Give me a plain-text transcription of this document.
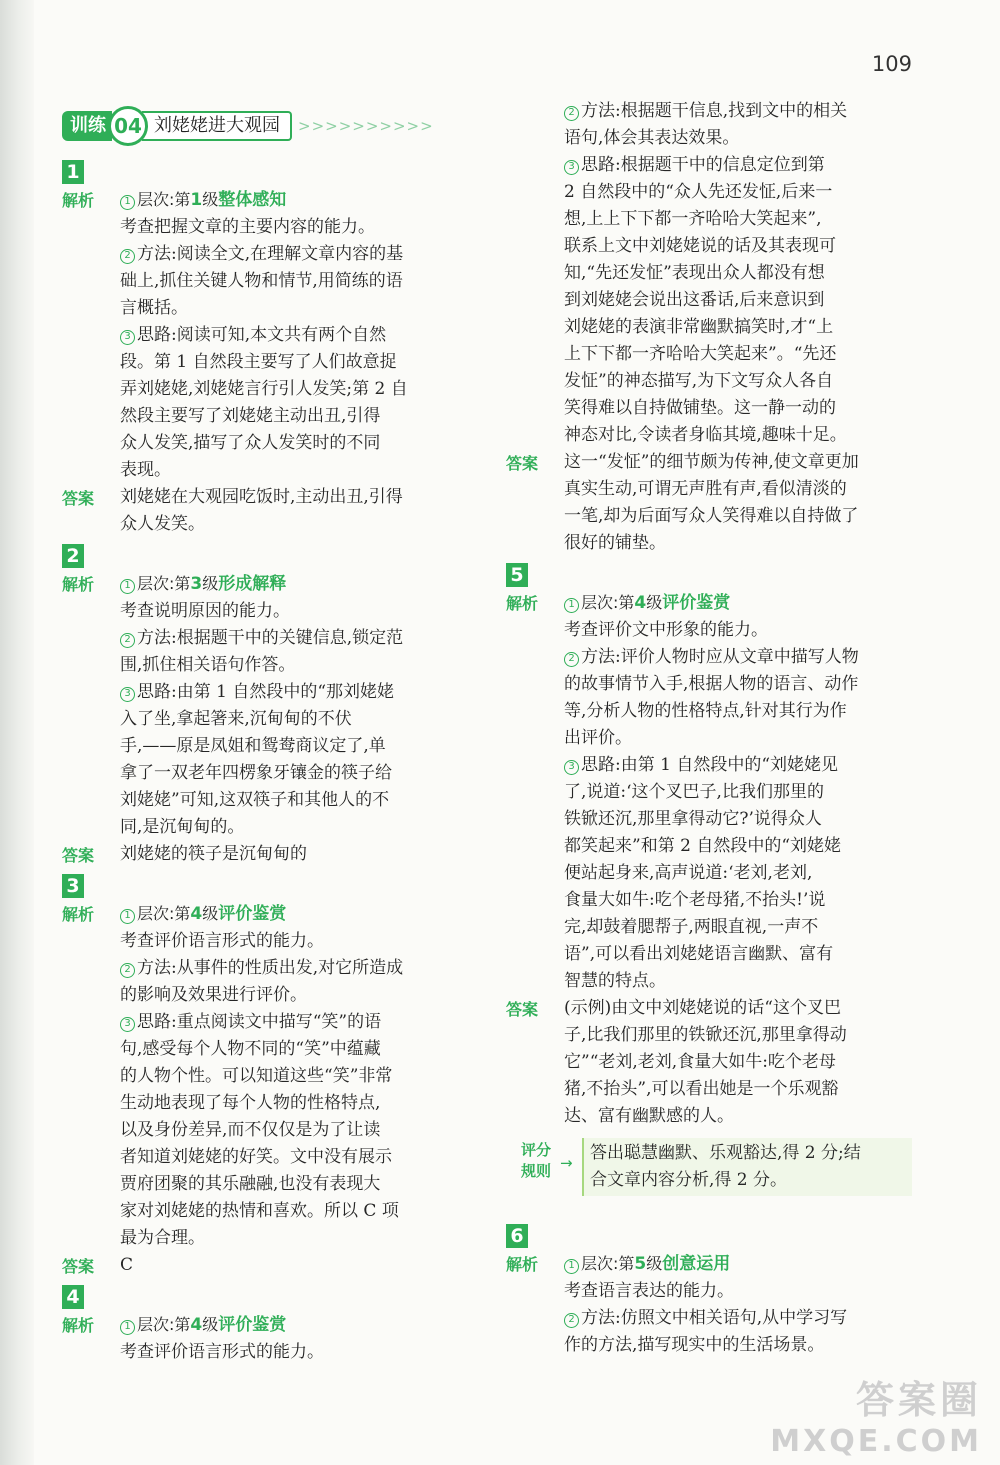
109
训练 04 刘姥姥进大观园	>>>>>>>>>>
1
解析	1 层次:第1级整体感知
考查把握文章的主要内容的能力。
2 方法:阅读全文,在理解文章内容的基
础上,抓住关键人物和情节,用简练的语
言概括。
3 思路:阅读可知,本文共有两个自然
段。第 1 自然段主要写了人们故意捉
弄刘姥姥,刘姥姥言行引人发笑;第 2 自
然段主要写了刘姥姥主动出丑,引得
众人发笑,描写了众人发笑时的不同
表现。
答案 刘姥姥在大观园吃饭时,主动出丑,引得
众人发笑。
2
解析	1 层次:第3级形成解释
考查说明原因的能力。
2 方法:根据题干中的关键信息,锁定范
围,抓住相关语句作答。
3 思路:由第 1 自然段中的“那刘姥姥
入了坐,拿起箸来,沉甸甸的不伏
手,——原是凤姐和鸳鸯商议定了,单
拿了一双老年四楞象牙镶金的筷子给
刘姥姥”可知,这双筷子和其他人的不
同,是沉甸甸的。
答案 刘姥姥的筷子是沉甸甸的
3
解析	1 层次:第4级评价鉴赏
考查评价语言形式的能力。
2 方法:从事件的性质出发,对它所造成
的影响及效果进行评价。
3 思路:重点阅读文中描写“笑”的语
句,感受每个人物不同的“笑”中蕴藏
的人物个性。可以知道这些“笑”非常
生动地表现了每个人物的性格特点,
以及身份差异,而不仅仅是为了让读
者知道刘姥姥的好笑。文中没有展示
贾府团聚的其乐融融,也没有表现大
家对刘姥姥的热情和喜欢。所以 C 项
最为合理。
答案 C
4
解析	1 层次:第4级评价鉴赏
考查评价语言形式的能力。
2 方法:根据题干信息,找到文中的相关
语句,体会其表达效果。
3 思路:根据题干中的信息定位到第
2 自然段中的“众人先还发怔,后来一
想,上上下下都一齐哈哈大笑起来”,
联系上文中刘姥姥说的话及其表现可
知,“先还发怔”表现出众人都没有想
到刘姥姥会说出这番话,后来意识到
刘姥姥的表演非常幽默搞笑时,才“上
上下下都一齐哈哈大笑起来”。“先还
发怔”的神态描写,为下文写众人各自
笑得难以自持做铺垫。这一静一动的
神态对比,令读者身临其境,趣味十足。
答案 这一“发怔”的细节颇为传神,使文章更加
真实生动,可谓无声胜有声,看似清淡的
一笔,却为后面写众人笑得难以自持做了
很好的铺垫。
5
解析	1 层次:第4级评价鉴赏
考查评价文中形象的能力。
2 方法:评价人物时应从文章中描写人物
的故事情节入手,根据人物的语言、动作
等,分析人物的性格特点,针对其行为作
出评价。
3 思路:由第 1 自然段中的“刘姥姥见
了,说道:‘这个叉巴子,比我们那里的
铁锨还沉,那里拿得动它?’说得众人
都笑起来”和第 2 自然段中的“刘姥姥
便站起身来,高声说道:‘老刘,老刘,
食量大如牛:吃个老母猪,不抬头!’说
完,却鼓着腮帮子,两眼直视,一声不
语”,可以看出刘姥姥语言幽默、富有
智慧的特点。
答案 (示例)由文中刘姥姥说的话“这个叉巴
子,比我们那里的铁锨还沉,那里拿得动
它”“老刘,老刘,食量大如牛:吃个老母
猪,不抬头”,可以看出她是一个乐观豁
达、富有幽默感的人。
评分
规则 → 答出聪慧幽默、乐观豁达,得 2 分;结
合文章内容分析,得 2 分。
6
解析	1 层次:第5级创意运用
考查语言表达的能力。
2 方法:仿照文中相关语句,从中学习写
作的方法,描写现实中的生活场景。
答案圈
MXQE.COM
